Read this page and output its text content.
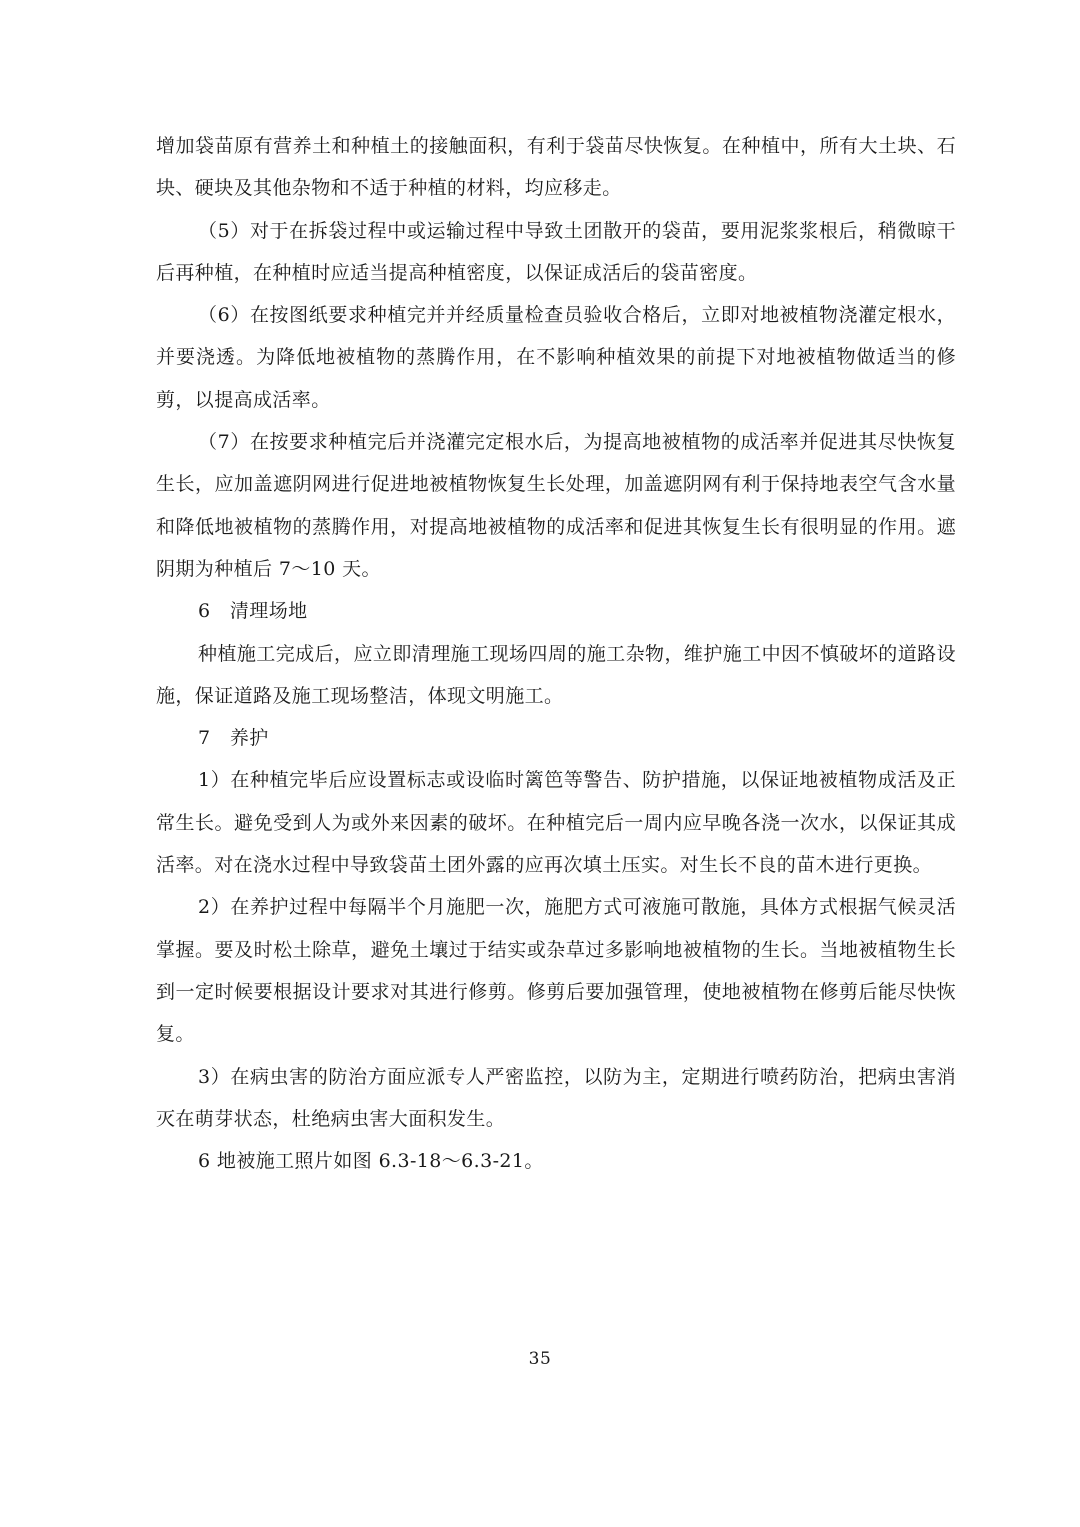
增加袋苗原有营养土和种植土的接触面积，有利于袋苗尽快恢复。在种植中，所有大土块、石块、硬块及其他杂物和不适于种植的材料，均应移走。

（5）对于在拆袋过程中或运输过程中导致土团散开的袋苗，要用泥浆浆根后，稍微晾干后再种植，在种植时应适当提高种植密度，以保证成活后的袋苗密度。

（6）在按图纸要求种植完并并经质量检查员验收合格后，立即对地被植物浇灌定根水，并要浇透。为降低地被植物的蒸腾作用，在不影响种植效果的前提下对地被植物做适当的修剪，以提高成活率。

（7）在按要求种植完后并浇灌完定根水后，为提高地被植物的成活率并促进其尽快恢复生长，应加盖遮阴网进行促进地被植物恢复生长处理，加盖遮阴网有利于保持地表空气含水量和降低地被植物的蒸腾作用，对提高地被植物的成活率和促进其恢复生长有很明显的作用。遮阴期为种植后 7～10 天。

6　清理场地

种植施工完成后，应立即清理施工现场四周的施工杂物，维护施工中因不慎破坏的道路设施，保证道路及施工现场整洁，体现文明施工。

7　养护

1）在种植完毕后应设置标志或设临时篱笆等警告、防护措施，以保证地被植物成活及正常生长。避免受到人为或外来因素的破坏。在种植完后一周内应早晚各浇一次水，以保证其成活率。对在浇水过程中导致袋苗土团外露的应再次填土压实。对生长不良的苗木进行更换。

2）在养护过程中每隔半个月施肥一次，施肥方式可液施可散施，具体方式根据气候灵活掌握。要及时松土除草，避免土壤过于结实或杂草过多影响地被植物的生长。当地被植物生长到一定时候要根据设计要求对其进行修剪。修剪后要加强管理，使地被植物在修剪后能尽快恢复。

3）在病虫害的防治方面应派专人严密监控，以防为主，定期进行喷药防治，把病虫害消灭在萌芽状态，杜绝病虫害大面积发生。

6 地被施工照片如图 6.3-18～6.3-21。

35
